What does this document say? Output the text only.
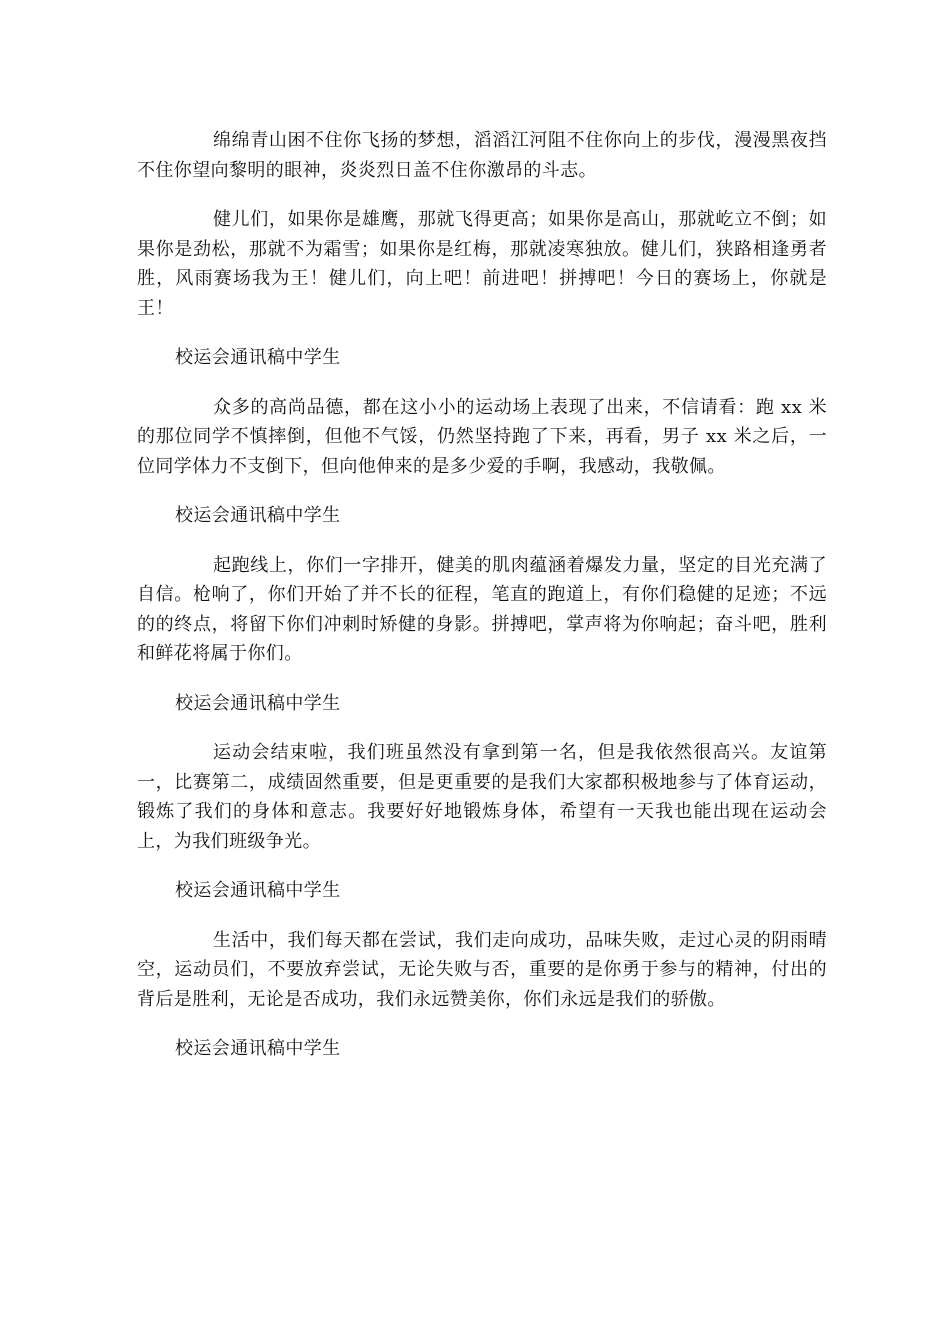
绵绵青山困不住你飞扬的梦想，滔滔江河阻不住你向上的步伐，漫漫黑夜挡不住你望向黎明的眼神，炎炎烈日盖不住你激昂的斗志。

健儿们，如果你是雄鹰，那就飞得更高；如果你是高山，那就屹立不倒；如果你是劲松，那就不为霜雪；如果你是红梅，那就凌寒独放。健儿们，狭路相逢勇者胜，风雨赛场我为王！健儿们，向上吧！前进吧！拼搏吧！今日的赛场上，你就是王！

校运会通讯稿中学生

众多的高尚品德，都在这小小的运动场上表现了出来，不信请看：跑 xx 米的那位同学不慎摔倒，但他不气馁，仍然坚持跑了下来，再看，男子 xx 米之后，一位同学体力不支倒下，但向他伸来的是多少爱的手啊，我感动，我敬佩。

校运会通讯稿中学生

起跑线上，你们一字排开，健美的肌肉蕴涵着爆发力量，坚定的目光充满了自信。枪响了，你们开始了并不长的征程，笔直的跑道上，有你们稳健的足迹；不远的的终点，将留下你们冲刺时矫健的身影。拼搏吧，掌声将为你响起；奋斗吧，胜利和鲜花将属于你们。

校运会通讯稿中学生

运动会结束啦，我们班虽然没有拿到第一名，但是我依然很高兴。友谊第一，比赛第二，成绩固然重要，但是更重要的是我们大家都积极地参与了体育运动，锻炼了我们的身体和意志。我要好好地锻炼身体，希望有一天我也能出现在运动会上，为我们班级争光。

校运会通讯稿中学生

生活中，我们每天都在尝试，我们走向成功，品味失败，走过心灵的阴雨晴空，运动员们，不要放弃尝试，无论失败与否，重要的是你勇于参与的精神，付出的背后是胜利，无论是否成功，我们永远赞美你，你们永远是我们的骄傲。

校运会通讯稿中学生
